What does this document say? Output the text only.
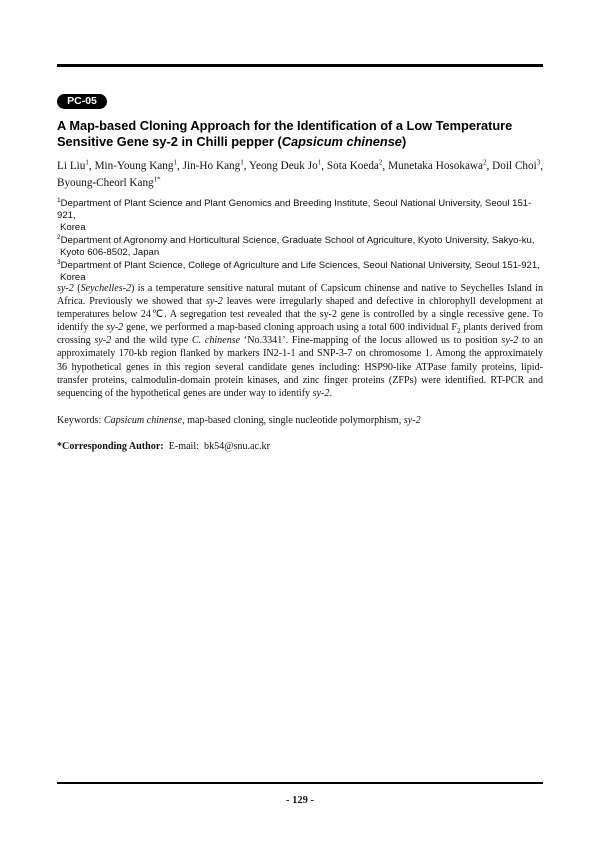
PC-05
A Map-based Cloning Approach for the Identification of a Low Temperature
Sensitive Gene sy-2 in Chilli pepper (Capsicum chinense)
Li Liu$^1$, Min-Young Kang$^1$, Jin-Ho Kang$^1$, Yeong Deuk Jo$^1$, Sota Koeda$^2$, Munetaka Hosokawa$^2$, Doil Choi$^3$, Byoung-Cheorl Kang$^{1*}$
$^1$Department of Plant Science and Plant Genomics and Breeding Institute, Seoul National University, Seoul 151-921,
Korea
$^2$Department of Agronomy and Horticultural Science, Graduate School of Agriculture, Kyoto University, Sakyo-ku,
Kyoto 606-8502, Japan
$^3$Department of Plant Science, College of Agriculture and Life Sciences, Seoul National University, Seoul 151-921,
Korea
sy-2 (Seychelles-2) is a temperature sensitive natural mutant of Capsicum chinense and native to Seychelles Island in Africa. Previously we showed that sy-2 leaves were irregularly shaped and defective in chlorophyll development at temperatures below 24℃. A segregation test revealed that the sy-2 gene is controlled by a single recessive gene. To identify the sy-2 gene, we performed a map-based cloning approach using a total 600 individual $F_2$ plants derived from crossing sy-2 and the wild type C. chinense ‘No.3341’. Fine-mapping of the locus allowed us to position sy-2 to an approximately 170-kb region flanked by markers IN2-1-1 and SNP-3-7 on chromosome 1. Among the approximately 36 hypothetical genes in this region several candidate genes including: HSP90-like ATPase family proteins, lipid-transfer proteins, calmodulin-domain protein kinases, and zinc finger proteins (ZFPs) were identified. RT-PCR and sequencing of the hypothetical genes are under way to identify sy-2.
Keywords: Capsicum chinense, map-based cloning, single nucleotide polymorphism, sy-2
*Corresponding Author:  E-mail:  bk54@snu.ac.kr
- 129 -
